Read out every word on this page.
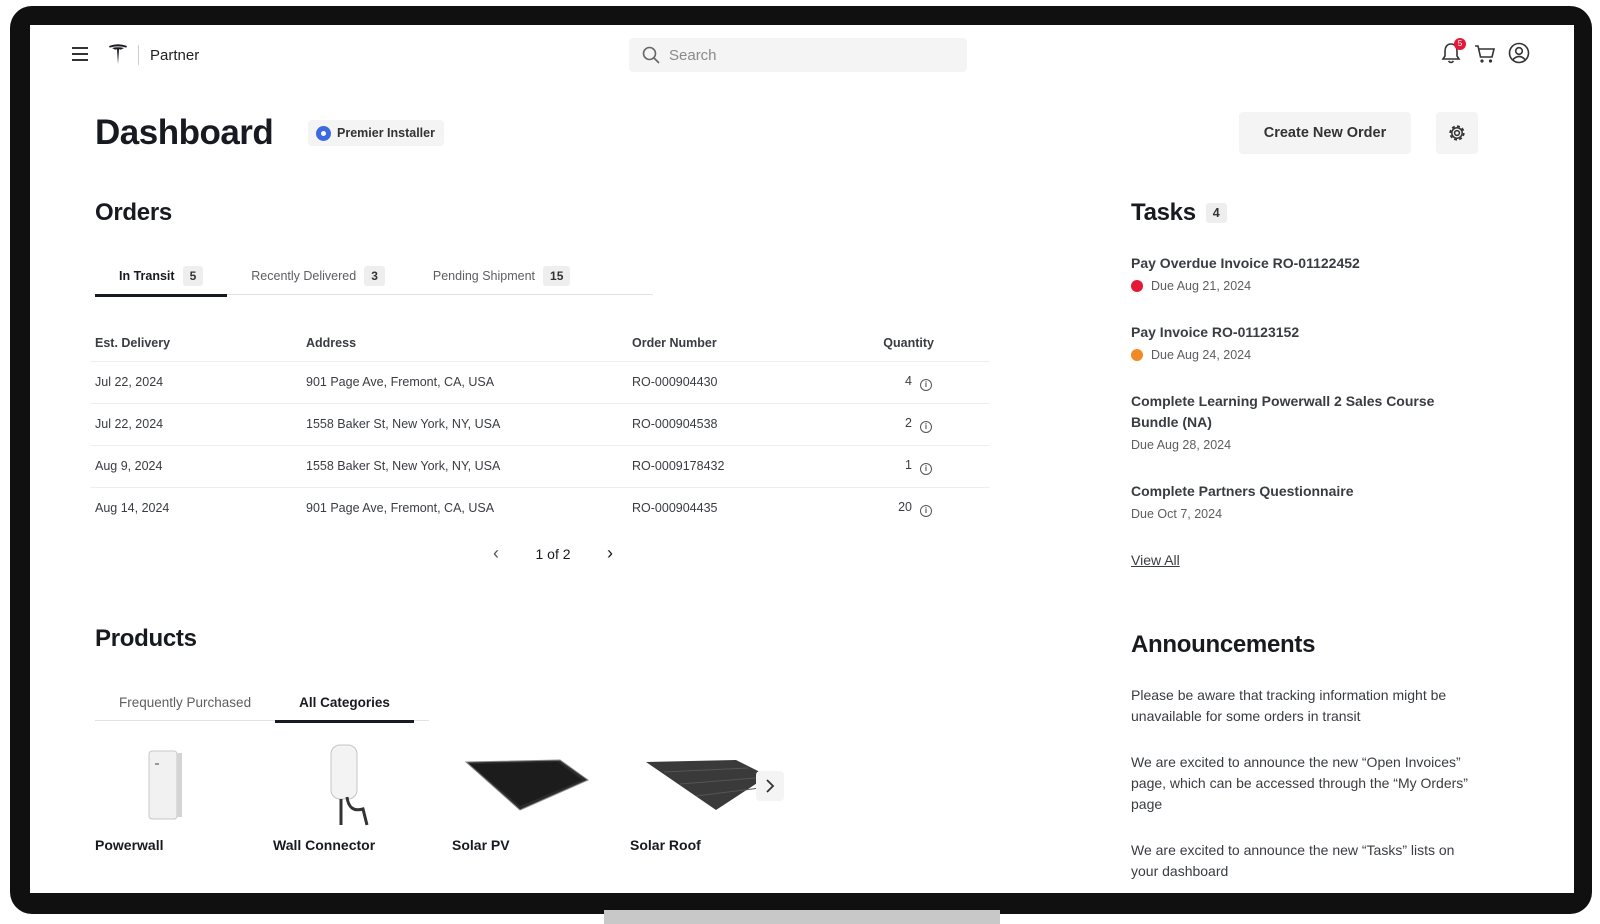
Partner
Search
5
Dashboard	Premier Installer	Create New Order
Orders
In Transit	5	Recently Delivered	3	Pending Shipment	15
Est. Delivery	Address	Order Number	Quantity
Jul 22, 2024	901 Page Ave, Fremont, CA, USA	RO-000904430	4 i
Jul 22, 2024	1558 Baker St, New York, NY, USA	RO-000904538	2 i
Aug 9, 2024	1558 Baker St, New York, NY, USA	RO-0009178432	1 i
Aug 14, 2024	901 Page Ave, Fremont, CA, USA	RO-000904435	20 i
‹	1 of 2 ›
Products
Frequently Purchased	All Categories
Powerwall	Wall Connector	Solar PV	Solar Roof
Tasks	4
Pay Overdue Invoice RO-01122452
Due Aug 21, 2024
Pay Invoice RO-01123152
Due Aug 24, 2024
Complete Learning Powerwall 2 Sales Course Bundle (NA)
Due Aug 28, 2024
Complete Partners Questionnaire
Due Oct 7, 2024
View All
Announcements

Please be aware that tracking information might be unavailable for some orders in transit

We are excited to announce the new “Open Invoices” page, which can be accessed through the “My Orders” page

We are excited to announce the new “Tasks” lists on your dashboard
